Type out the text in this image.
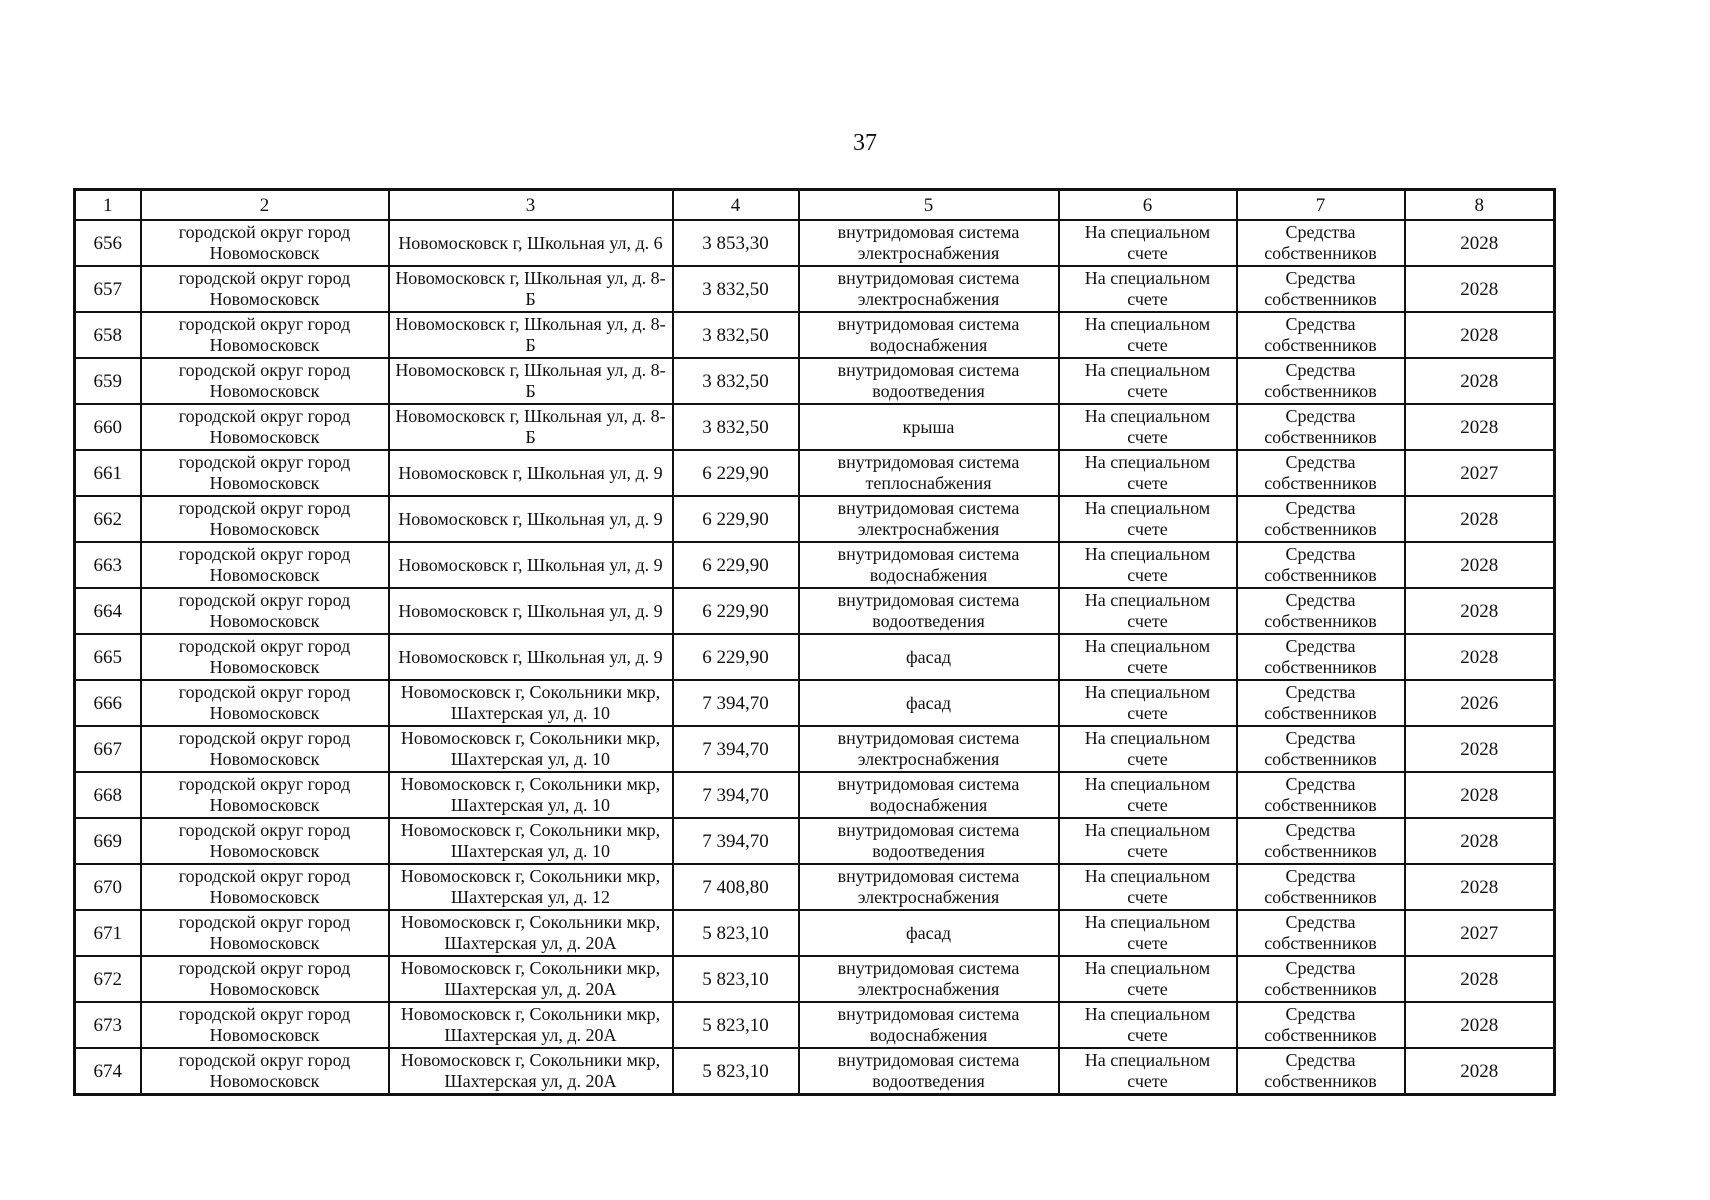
37
1	2	3	4	5	6	7	8
656	городской округ город Новомосковск	Новомосковск г, Школьная ул, д. 6	3 853,30	внутридомовая система электроснабжения	На специальном счете	Средства собственников	2028
657	городской округ город Новомосковск	Новомосковск г, Школьная ул, д. 8-Б	3 832,50	внутридомовая система электроснабжения	На специальном счете	Средства собственников	2028
658	городской округ город Новомосковск	Новомосковск г, Школьная ул, д. 8-Б	3 832,50	внутридомовая система водоснабжения	На специальном счете	Средства собственников	2028
659	городской округ город Новомосковск	Новомосковск г, Школьная ул, д. 8-Б	3 832,50	внутридомовая система водоотведения	На специальном счете	Средства собственников	2028
660	городской округ город Новомосковск	Новомосковск г, Школьная ул, д. 8-Б	3 832,50	крыша	На специальном счете	Средства собственников	2028
661	городской округ город Новомосковск	Новомосковск г, Школьная ул, д. 9	6 229,90	внутридомовая система теплоснабжения	На специальном счете	Средства собственников	2027
662	городской округ город Новомосковск	Новомосковск г, Школьная ул, д. 9	6 229,90	внутридомовая система электроснабжения	На специальном счете	Средства собственников	2028
663	городской округ город Новомосковск	Новомосковск г, Школьная ул, д. 9	6 229,90	внутридомовая система водоснабжения	На специальном счете	Средства собственников	2028
664	городской округ город Новомосковск	Новомосковск г, Школьная ул, д. 9	6 229,90	внутридомовая система водоотведения	На специальном счете	Средства собственников	2028
665	городской округ город Новомосковск	Новомосковск г, Школьная ул, д. 9	6 229,90	фасад	На специальном счете	Средства собственников	2028
666	городской округ город Новомосковск	Новомосковск г, Сокольники мкр, Шахтерская ул, д. 10	7 394,70	фасад	На специальном счете	Средства собственников	2026
667	городской округ город Новомосковск	Новомосковск г, Сокольники мкр, Шахтерская ул, д. 10	7 394,70	внутридомовая система электроснабжения	На специальном счете	Средства собственников	2028
668	городской округ город Новомосковск	Новомосковск г, Сокольники мкр, Шахтерская ул, д. 10	7 394,70	внутридомовая система водоснабжения	На специальном счете	Средства собственников	2028
669	городской округ город Новомосковск	Новомосковск г, Сокольники мкр, Шахтерская ул, д. 10	7 394,70	внутридомовая система водоотведения	На специальном счете	Средства собственников	2028
670	городской округ город Новомосковск	Новомосковск г, Сокольники мкр, Шахтерская ул, д. 12	7 408,80	внутридомовая система электроснабжения	На специальном счете	Средства собственников	2028
671	городской округ город Новомосковск	Новомосковск г, Сокольники мкр, Шахтерская ул, д. 20А	5 823,10	фасад	На специальном счете	Средства собственников	2027
672	городской округ город Новомосковск	Новомосковск г, Сокольники мкр, Шахтерская ул, д. 20А	5 823,10	внутридомовая система электроснабжения	На специальном счете	Средства собственников	2028
673	городской округ город Новомосковск	Новомосковск г, Сокольники мкр, Шахтерская ул, д. 20А	5 823,10	внутридомовая система водоснабжения	На специальном счете	Средства собственников	2028
674	городской округ город Новомосковск	Новомосковск г, Сокольники мкр, Шахтерская ул, д. 20А	5 823,10	внутридомовая система водоотведения	На специальном счете	Средства собственников	2028
